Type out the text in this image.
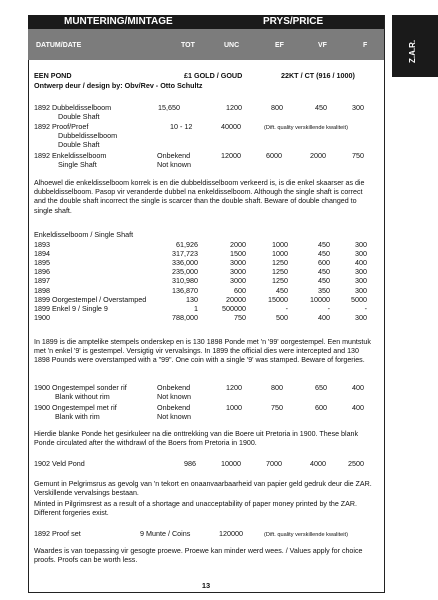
MUNTERING/MINTAGE	PRYS/PRICE
DATUM/DATE	TOT	UNC	EF	VF	F	Z.A.R.
EEN POND	£1 GOLD / GOUD	22KT / CT (916 / 1000)
Ontwerp deur / design by: Obv/Rev - Otto Schultz
1892 Dubbeldisselboom
Double Shaft
15,650	1200	800	450	300
1892 Proof/Proef
Dubbeldisselboom
Double Shaft
10 - 12	40000	(Dift. quality verskillende kwaliteit)
1892 Enkeldisselboom
Single Shaft
Onbekend
Not known
12000	6000	2000	750
Alhoewel die enkeldisselboom korrek is en die dubbeldisselboom verkeerd is, is die enkel skaarser as die dubbeldisselboom. Pasop vir veranderde dubbel na enkeldisselboom. Although the single shaft is correct and the double shaft incorrect the single is scarcer than the double shaft. Beware of double changed to single shaft.
Enkeldisselboom / Single Shaft
1893	61,926	2000	1000	450	300
1894	317,723	1500	1000	450	300
1895	336,000	3000	1250	600	400
1896	235,000	3000	1250	450	300
1897	310,980	3000	1250	450	300
1898	136,870	600	450	350	300
1899 Oorgestempel / Overstamped	130	20000	15000	10000	5000
1899 Enkel 9 / Single 9	1	500000	-	-	-
1900	788,000	750	500	400	300
In 1899 is die amptelike stempels onderskep en is 130 1898 Ponde met 'n '99' oorgestempel. Een muntstuk met 'n enkel '9' is gestempel. Versigtig vir vervalsings. In 1899 the official dies were intercepted and 130 1898 Pounds were overstamped with a "99". One coin with a single '9' was stamped. Beware of forgeries.
1900 Ongestempel sonder rif
Blank without rim
Onbekend
Not known
1200	800	650	400
1900 Ongestempel met rif
Blank with rim
Onbekend
Not known
1000	750	600	400
Hierdie blanke Ponde het gesirkuleer na die onttrekking van die Boere uit Pretoria in 1900. These blank Ponde circulated after the withdrawl of the Boers from Pretoria in 1900.
1902 Veld Pond	986	10000	7000	4000	2500
Gemunt in Pelgrimsrus as gevolg van 'n tekort en onaanvaarbaarheid van papier geld gedruk deur die ZAR. Verskillende vervalsings bestaan.
Minted in Pilgrimsrest as a result of a shortage and unacceptability of paper money printed by the ZAR. Different forgeries exist.
1892 Proof set	9 Munte / Coins	120000	(Dift. quality verskillende kwaliteit)
Waardes is van toepassing vir gesogte proewe. Proewe kan minder werd wees. / Values apply for choice proofs. Proofs can be worth less.
13
